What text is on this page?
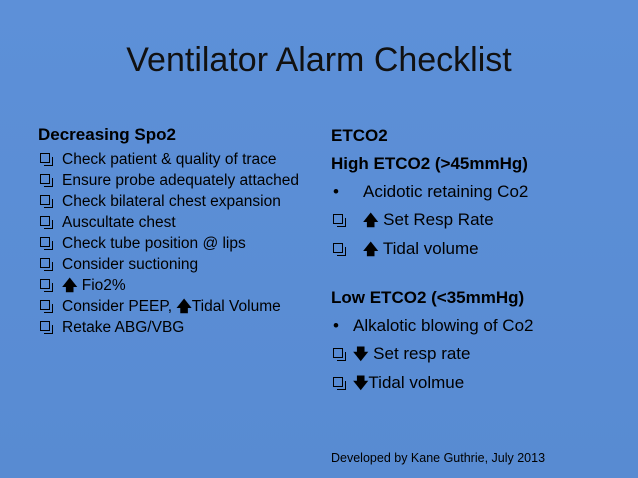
Ventilator Alarm Checklist
Decreasing Spo2
Check patient & quality of trace
Ensure probe adequately attached
Check bilateral chest expansion
Auscultate chest
Check tube position @ lips
Consider suctioning
🡅 Fio2%
Consider PEEP, 🡅Tidal Volume
Retake ABG/VBG
ETCO2
High ETCO2 (>45mmHg)
• Acidotic retaining Co2
🡅 Set Resp Rate
🡅 Tidal volume
Low ETCO2 (<35mmHg)
• Alkalotic blowing of Co2
🡇 Set resp rate
🡇Tidal volmue
Developed by Kane Guthrie, July 2013
